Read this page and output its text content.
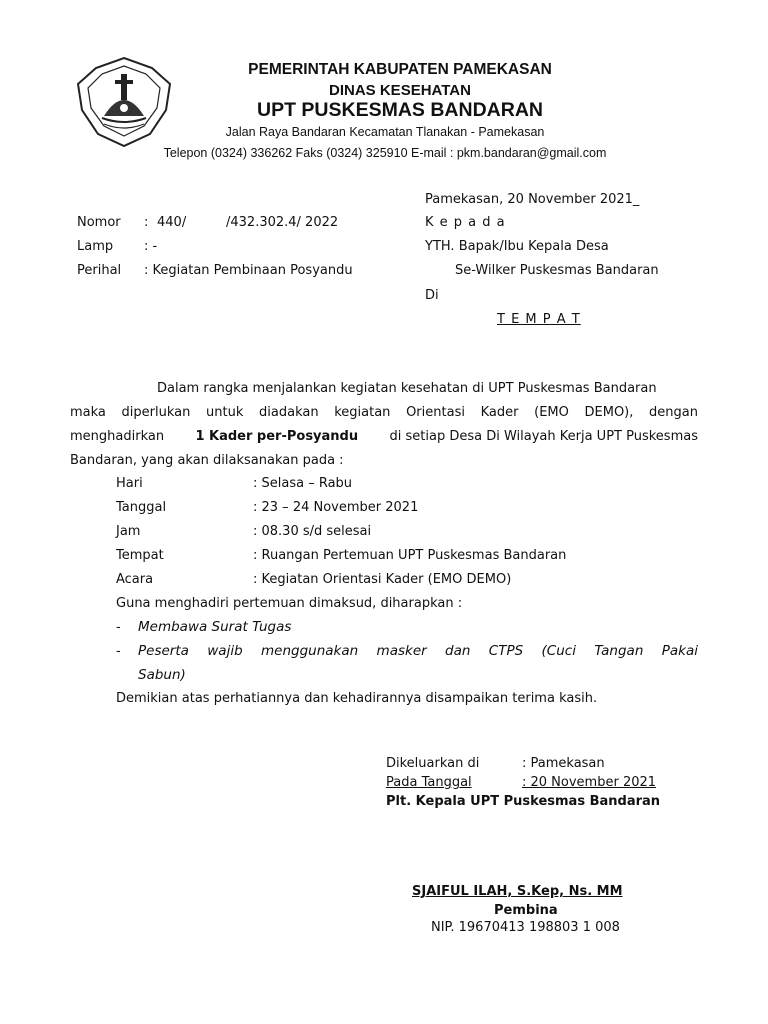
PEMERINTAH KABUPATEN PAMEKASAN
DINAS KESEHATAN
UPT PUSKESMAS BANDARAN
Jalan Raya Bandaran Kecamatan Tlanakan - Pamekasan
Telepon (0324) 336262 Faks (0324) 325910 E-mail : pkm.bandaran@gmail.com
Pamekasan, 20 November 2021_
Nomor : 440/	/432.302.4/ 2022
Lamp : -
Perihal : Kegiatan Pembinaan Posyandu
K e p a d a
YTH. Bapak/Ibu Kepala Desa
Se-Wilker Puskesmas Bandaran
Di
T E M P A T
Dalam rangka menjalankan kegiatan kesehatan di UPT Puskesmas Bandaran
maka diperlukan untuk diadakan kegiatan Orientasi Kader (EMO DEMO), dengan
menghadirkan 1 Kader per-Posyandu di setiap Desa Di Wilayah Kerja UPT Puskesmas
Bandaran, yang akan dilaksanakan pada :
Hari	: Selasa – Rabu
Tanggal	: 23 – 24 November 2021
Jam	: 08.30 s/d selesai
Tempat	: Ruangan Pertemuan UPT Puskesmas Bandaran
Acara	: Kegiatan Orientasi Kader (EMO DEMO)
Guna menghadiri pertemuan dimaksud, diharapkan :
- Membawa Surat Tugas
- Peserta wajib menggunakan masker dan CTPS (Cuci Tangan Pakai
Sabun)
Demikian atas perhatiannya dan kehadirannya disampaikan terima kasih.
Dikeluarkan di	: Pamekasan
Pada Tanggal	: 20 November 2021
Plt. Kepala UPT Puskesmas Bandaran
SJAIFUL ILAH, S.Kep, Ns. MM
Pembina
NIP. 19670413 198803 1 008
